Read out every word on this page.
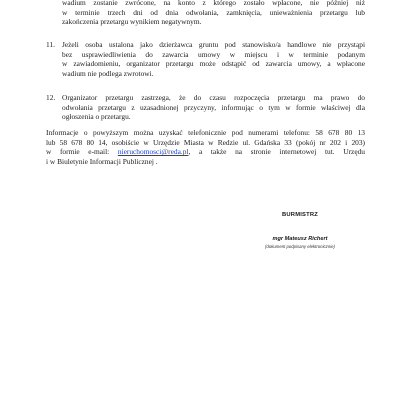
wadium zostanie zwrócone, na konto z którego zostało wpłacone, nie później niż
w terminie trzech dni od dnia odwołania, zamknięcia, unieważnienia przetargu lub
zakończenia przetargu wynikiem negatywnym.
11. Jeżeli osoba ustalona jako dzierżawca gruntu pod stanowisko/a handlowe nie przystąpi
bez usprawiedliwienia do zawarcia umowy w miejscu i w terminie podanym
w zawiadomieniu, organizator przetargu może odstąpić od zawarcia umowy, a wpłacone
wadium nie podlega zwrotowi.
12. Organizator przetargu zastrzega, że do czasu rozpoczęcia przetargu ma prawo do
odwołania przetargu z uzasadnionej przyczyny, informując o tym w formie właściwej dla
ogłoszenia o przetargu.
Informacje o powyższym można uzyskać telefonicznie pod numerami telefonu: 58 678 80 13
lub 58 678 80 14, osobiście w Urzędzie Miasta w Redzie ul. Gdańska 33 (pokój nr 202 i 203)
w formie e-mail: nieruchomosci@reda.pl, a także na stronie internetowej tut. Urzędu
i w Biuletynie Informacji Publicznej .
BURMISTRZ
mgr Mateusz Richert
(dokument podpisany elektronicznie)
